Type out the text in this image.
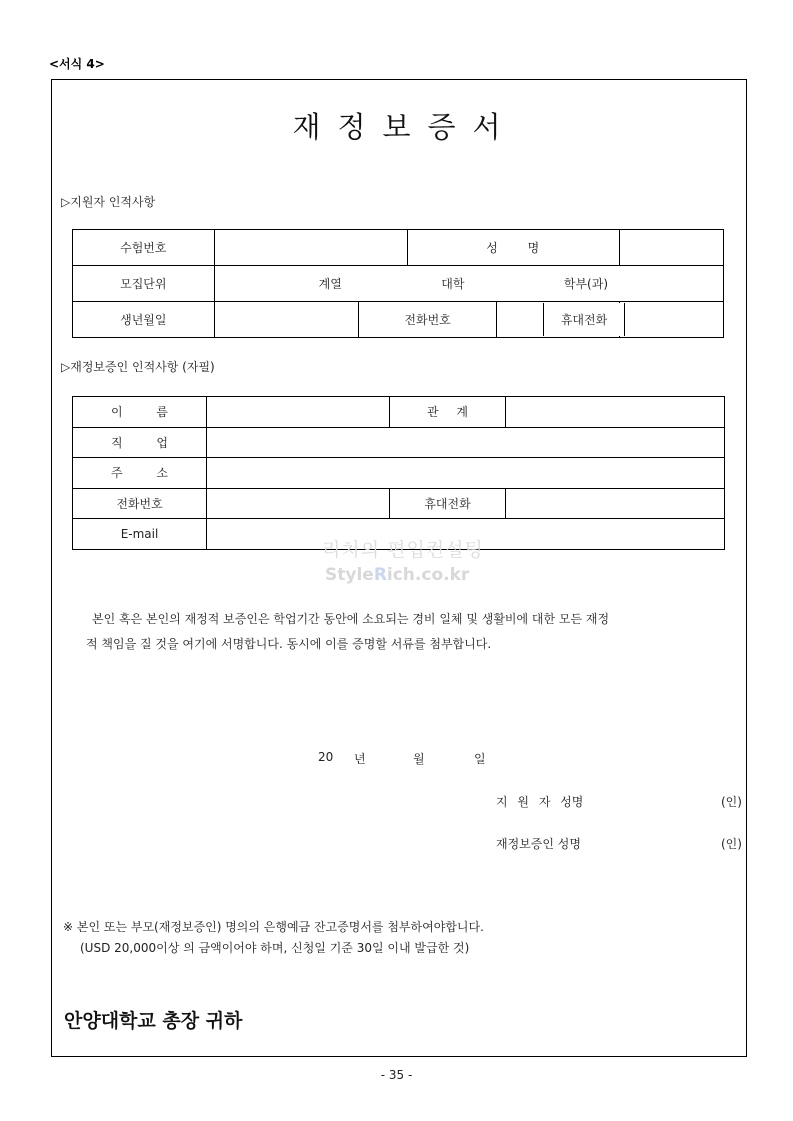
<서식 4>
재정보증서
▷지원자 인적사항
수험번호			성 명		
모집단위	계열 대학 학부(과)				

생년월일		전화번호				휴대전화
▷재정보증인 인적사항 (자필)
이 름		관 계	
직 업			
주 소			
전화번호		휴대전화	
E-mail			
리치의 편입컨설팅
StyleRich.co.kr
본인 혹은 본인의 재정적 보증인은 학업기간 동안에 소요되는 경비 일체 및 생활비에 대한 모든 재정
적 책임을 질 것을 여기에 서명합니다. 동시에 이를 증명할 서류를 첨부합니다.
20 년	월	일
지 원 자 성명	(인)
재정보증인 성명	(인)
※ 본인 또는 부모(재정보증인) 명의의 은행예금 잔고증명서를 첨부하여야합니다.
(USD 20,000이상 의 금액이어야 하며, 신청일 기준 30일 이내 발급한 것)
안양대학교 총장 귀하
- 35 -
